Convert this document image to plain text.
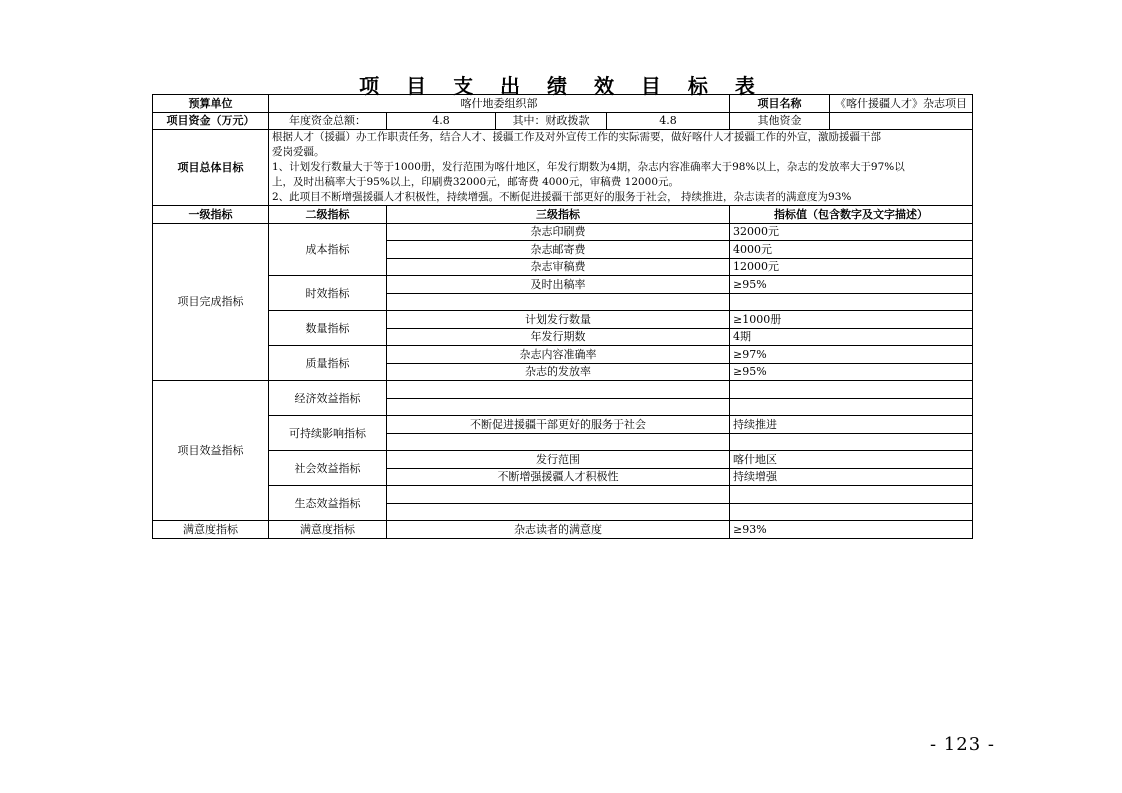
项 目 支 出 绩 效 目 标 表
预算单位	喀什地委组织部			项目名称	《喀什援疆人才》杂志项目
项目资金（万元）	年度资金总额：	4.8	其中：财政拨款 4.8	其他资金	
项目总体目标	根据人才（援疆）办工作职责任务，结合人才、援疆工作及对外宣传工作的实际需要，做好喀什人才援疆工作的外宣，激励援疆干部
爱岗爱疆。
1、计划发行数量大于等于1000册，发行范围为喀什地区，年发行期数为4期，杂志内容准确率大于98%以上，杂志的发放率大于97%以
上，及时出稿率大于95%以上，印刷费32000元，邮寄费 4000元，审稿费 12000元。
2、此项目不断增强援疆人才积极性，持续增强。不断促进援疆干部更好的服务于社会， 持续推进，杂志读者的满意度为93%				

一级指标	二级指标	三级指标		指标值（包含数字及文字描述）	
项目完成指标	成本指标	杂志印刷费		32000元	
		杂志邮寄费		4000元	
		杂志审稿费		12000元	
	时效指标	及时出稿率		≥95%	

	数量指标	计划发行数量		≥1000册	
		年发行期数		4期	
	质量指标	杂志内容准确率		≥97%	
		杂志的发放率		≥95%	
项目效益指标	经济效益指标				

	可持续影响指标	不断促进援疆干部更好的服务于社会		持续推进	

	社会效益指标	发行范围		喀什地区	
		不断增强援疆人才积极性		持续增强	
	生态效益指标				

满意度指标	满意度指标	杂志读者的满意度		≥93%	
- 123 -
